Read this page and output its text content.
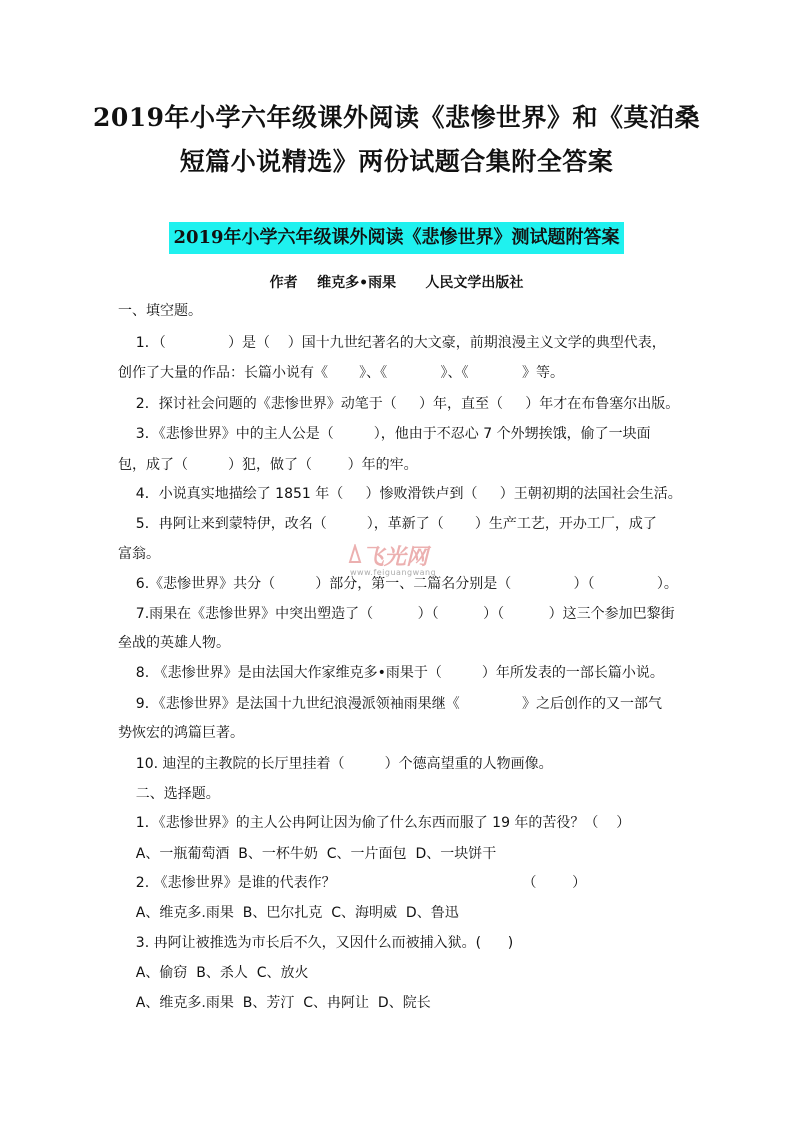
2019年小学六年级课外阅读《悲惨世界》和《莫泊桑
短篇小说精选》两份试题合集附全答案
2019年小学六年级课外阅读《悲惨世界》测试题附答案
作者    维克多•雨果      人民文学出版社
一、填空题。
1．（              ）是（    ）国十九世纪著名的大文豪，前期浪漫主义文学的典型代表，
创作了大量的作品：长篇小说有《       》、《            》、《            》等。
2．探讨社会问题的《悲惨世界》动笔于（     ）年，直至（     ）年才在布鲁塞尔出版。
3．《悲惨世界》中的主人公是（         ），他由于不忍心 7 个外甥挨饿，偷了一块面
包，成了（         ）犯，做了（        ）年的牢。
4．小说真实地描绘了 1851 年（     ）惨败滑铁卢到（     ）王朝初期的法国社会生活。
5．冉阿让来到蒙特伊，改名（         ），革新了（       ）生产工艺，开办工厂，成了
富翁。
6.《悲惨世界》共分（         ）部分，第一、二篇名分别是（              ）（              ）。
7.雨果在《悲惨世界》中突出塑造了（          ）（          ）（          ）这三个参加巴黎街
垒战的英雄人物。
8. 《悲惨世界》是由法国大作家维克多•雨果于（         ）年所发表的一部长篇小说。
9．《悲惨世界》是法国十九世纪浪漫派领袖雨果继《              》之后创作的又一部气
势恢宏的鸿篇巨著。
10. 迪涅的主教院的长厅里挂着（         ）个德高望重的人物画像。
二、选择题。
1．《悲惨世界》的主人公冉阿让因为偷了什么东西而服了 19 年的苦役？（    ）
A、一瓶葡萄酒  B、一杯牛奶  C、一片面包  D、一块饼干
2. 《悲惨世界》是谁的代表作？                                          （        ）
A、维克多.雨果  B、巴尔扎克  C、海明威  D、鲁迅
3. 冉阿让被推选为市长后不久，又因什么而被捕入狱。(      )
A、偷窃  B、杀人  C、放火
A、维克多.雨果  B、芳汀  C、冉阿让  D、院长
飞光网
www.feiguangwang
